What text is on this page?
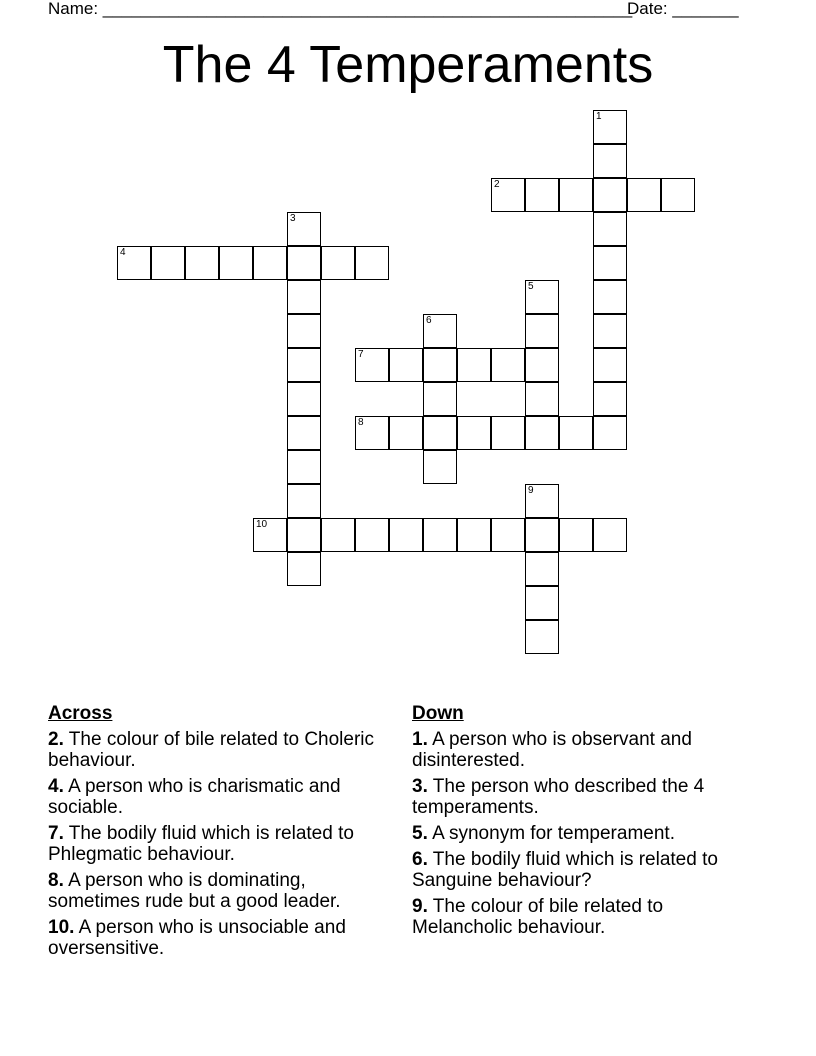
Name: ________________________________________________________
Date: _______
The 4 Temperaments
1
2
3
4
5
6
7
8
9
10
Across
2. The colour of bile related to Choleric behaviour.
4. A person who is charismatic and sociable.
7. The bodily fluid which is related to Phlegmatic behaviour.
8. A person who is dominating, sometimes rude but a good leader.
10. A person who is unsociable and oversensitive.
Down
1. A person who is observant and disinterested.
3. The person who described the 4 temperaments.
5. A synonym for temperament.
6. The bodily fluid which is related to Sanguine behaviour?
9. The colour of bile related to Melancholic behaviour.
